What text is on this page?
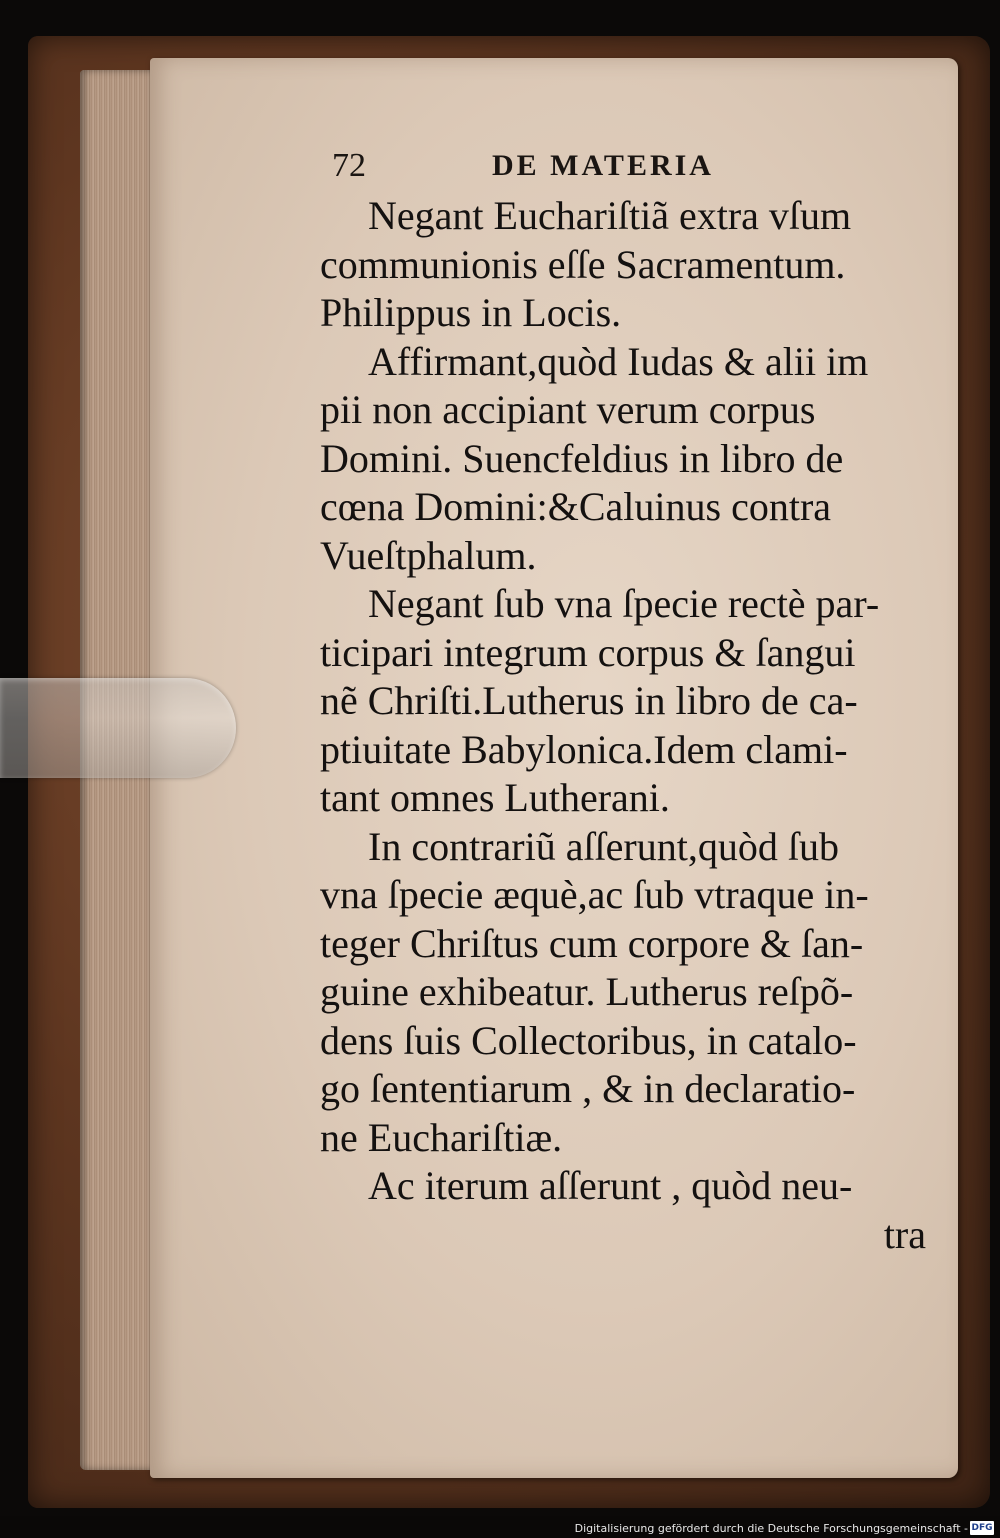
72	DE MATERIA
Negant Euchariſtiã extra vſum
communionis eſſe Sacramentum.
Philippus in Locis.
Affirmant,quòd Iudas & alii im
pii non accipiant verum corpus
Domini. Suencfeldius in libro de
cœna Domini:&Caluinus contra
Vueſtphalum.
Negant ſub vna ſpecie rectè par-
ticipari integrum corpus & ſangui
nẽ Chriſti.Lutherus in libro de ca-
ptiuitate Babylonica.Idem clami-
tant omnes Lutherani.
In contrariũ aſſerunt,quòd ſub
vna ſpecie æquè,ac ſub vtraque in-
teger Chriſtus cum corpore & ſan-
guine exhibeatur. Lutherus reſpõ-
dens ſuis Collectoribus, in catalo-
go ſententiarum , & in declaratio-
ne Euchariſtiæ.
Ac iterum aſſerunt , quòd neu-
tra
Digitalisierung gefördert durch die Deutsche Forschungsgemeinschaft - DFG
